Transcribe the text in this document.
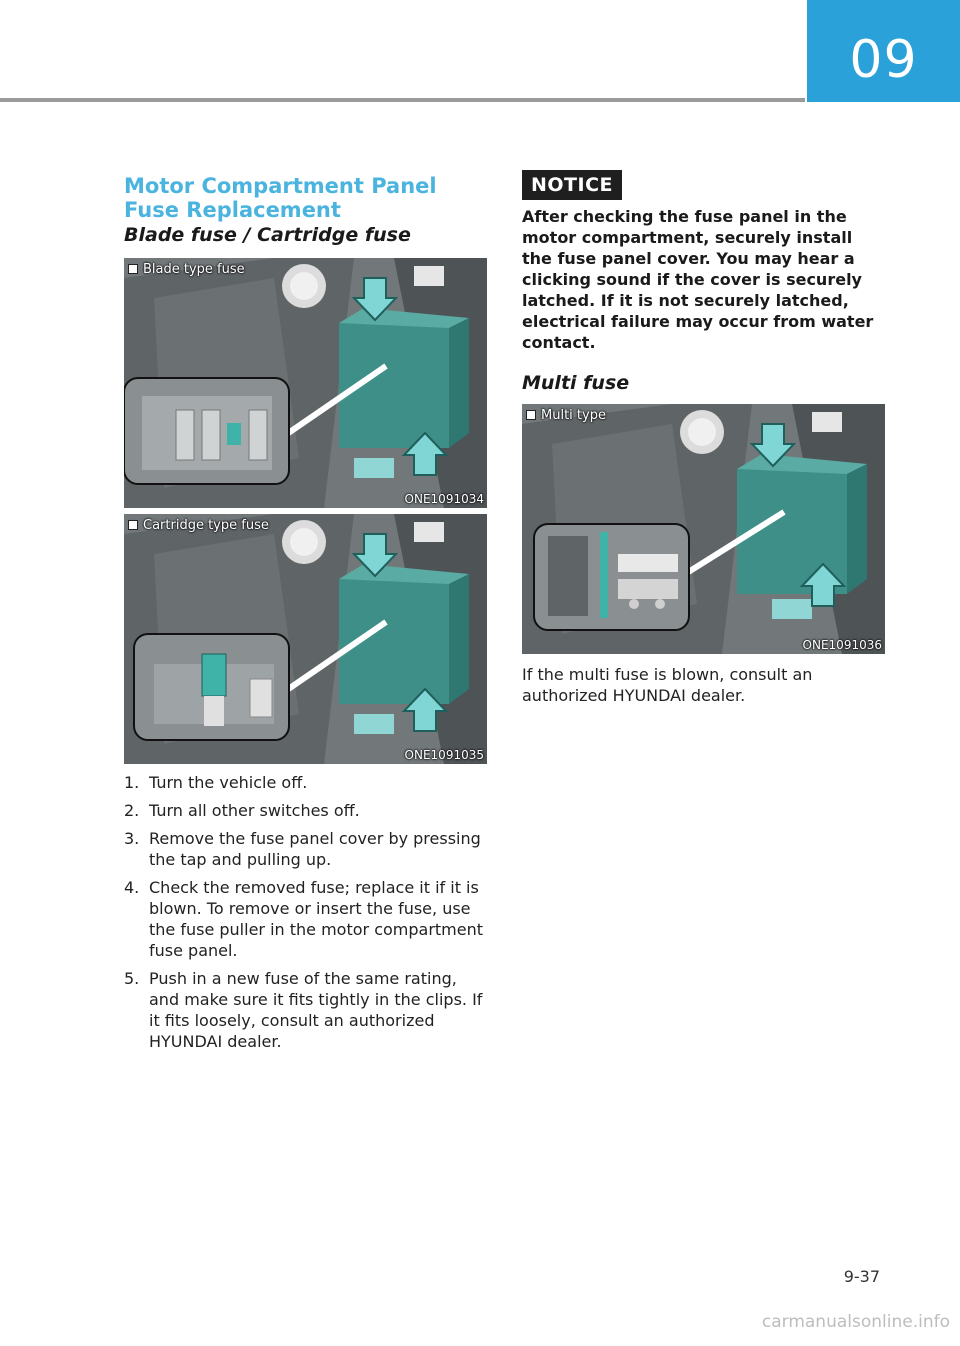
09
Motor Compartment Panel Fuse Replacement
Blade fuse / Cartridge fuse
Blade type fuse
ONE1091034
Cartridge type fuse
ONE1091035
1. Turn the vehicle off.
2. Turn all other switches off.
3. Remove the fuse panel cover by pressing the tap and pulling up.
4. Check the removed fuse; replace it if it is blown. To remove or insert the fuse, use the fuse puller in the motor compartment fuse panel.
5. Push in a new fuse of the same rating, and make sure it fits tightly in the clips. If it fits loosely, consult an authorized HYUNDAI dealer.
NOTICE
After checking the fuse panel in the motor compartment, securely install the fuse panel cover. You may hear a clicking sound if the cover is securely latched. If it is not securely latched, electrical failure may occur from water contact.
Multi fuse
Multi type
ONE1091036
If the multi fuse is blown, consult an authorized HYUNDAI dealer.
9-37
carmanualsonline.info
